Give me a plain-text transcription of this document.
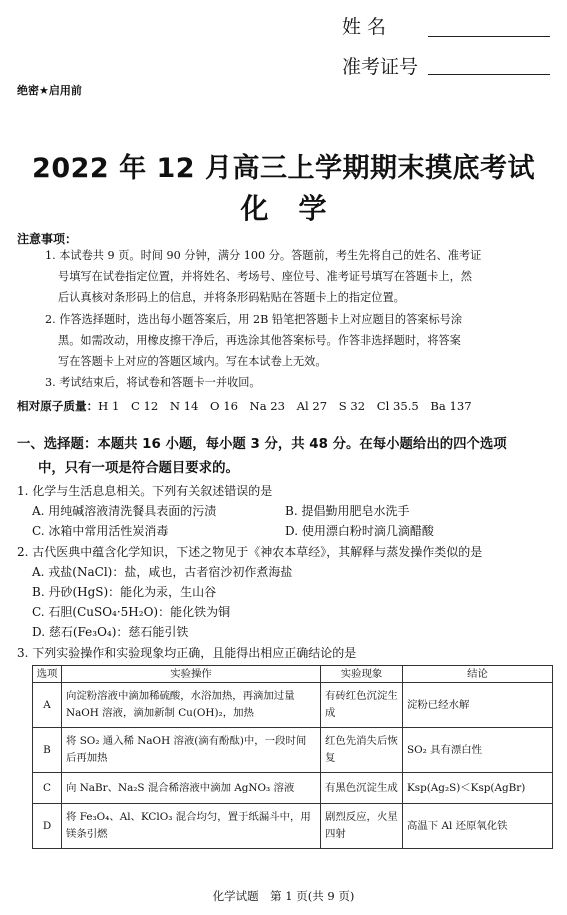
姓 名
准考证号
绝密★启用前
2022 年 12 月高三上学期期末摸底考试
化学
注意事项：
1. 本试卷共 9 页。时间 90 分钟，满分 100 分。答题前，考生先将自己的姓名、准考证
号填写在试卷指定位置，并将姓名、考场号、座位号、准考证号填写在答题卡上，然
后认真核对条形码上的信息，并将条形码粘贴在答题卡上的指定位置。
2. 作答选择题时，选出每小题答案后，用 2B 铅笔把答题卡上对应题目的答案标号涂
黑。如需改动，用橡皮擦干净后，再选涂其他答案标号。作答非选择题时，将答案
写在答题卡上对应的答题区域内。写在本试卷上无效。
3. 考试结束后，将试卷和答题卡一并收回。
相对原子质量：H 1　C 12　N 14　O 16　Na 23　Al 27　S 32　Cl 35.5　Ba 137
一、选择题：本题共 16 小题，每小题 3 分，共 48 分。在每小题给出的四个选项
中，只有一项是符合题目要求的。
1. 化学与生活息息相关。下列有关叙述错误的是
A. 用纯碱溶液清洗餐具表面的污渍	B. 提倡勤用肥皂水洗手
C. 冰箱中常用活性炭消毒	D. 使用漂白粉时滴几滴醋酸
2. 古代医典中蕴含化学知识，下述之物见于《神农本草经》，其解释与蒸发操作类似的是
A. 戎盐(NaCl)：盐，咸也，古者宿沙初作煮海盐
B. 丹砂(HgS)：能化为汞，生山谷
C. 石胆(CuSO₄·5H₂O)：能化铁为铜
D. 慈石(Fe₃O₄)：慈石能引铁
3. 下列实验操作和实验现象均正确，且能得出相应正确结论的是
选项	实验操作	实验现象	结论
A	向淀粉溶液中滴加稀硫酸，水浴加热，再滴加过量 NaOH 溶液，滴加新制 Cu(OH)₂，加热	有砖红色沉淀生成	淀粉已经水解
B	将 SO₂ 通入稀 NaOH 溶液(滴有酚酞)中，一段时间后再加热	红色先消失后恢复	SO₂ 具有漂白性
C	向 NaBr、Na₂S 混合稀溶液中滴加 AgNO₃ 溶液	有黑色沉淀生成	Ksp(Ag₂S)＜Ksp(AgBr)
D	将 Fe₃O₄、Al、KClO₃ 混合均匀，置于纸漏斗中，用镁条引燃	剧烈反应，火星四射	高温下 Al 还原氧化铁
化学试题　第 1 页(共 9 页)
